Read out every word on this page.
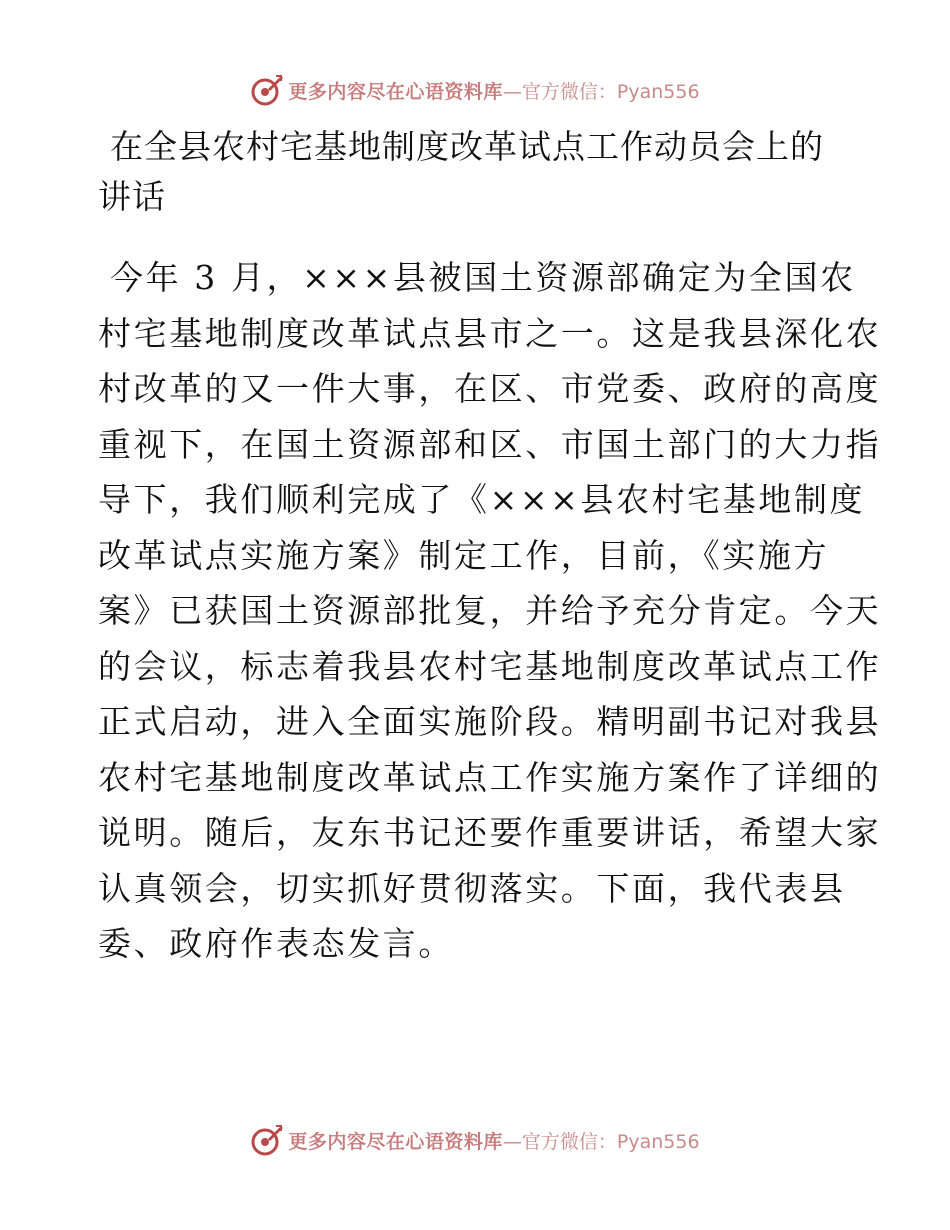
更多内容尽在心语资料库 —官方微信：Pyan556
在全县农村宅基地制度改革试点工作动员会上的
讲话
今年 3 月，×××县被国土资源部确定为全国农
村宅基地制度改革试点县市之一。这是我县深化农
村改革的又一件大事，在区、市党委、政府的高度
重视下，在国土资源部和区、市国土部门的大力指
导下，我们顺利完成了《×××县农村宅基地制度
改革试点实施方案》制定工作，目前，《实施方
案》已获国土资源部批复，并给予充分肯定。今天
的会议，标志着我县农村宅基地制度改革试点工作
正式启动，进入全面实施阶段。精明副书记对我县
农村宅基地制度改革试点工作实施方案作了详细的
说明。随后，友东书记还要作重要讲话，希望大家
认真领会，切实抓好贯彻落实。下面，我代表县
委、政府作表态发言。
更多内容尽在心语资料库 —官方微信：Pyan556
